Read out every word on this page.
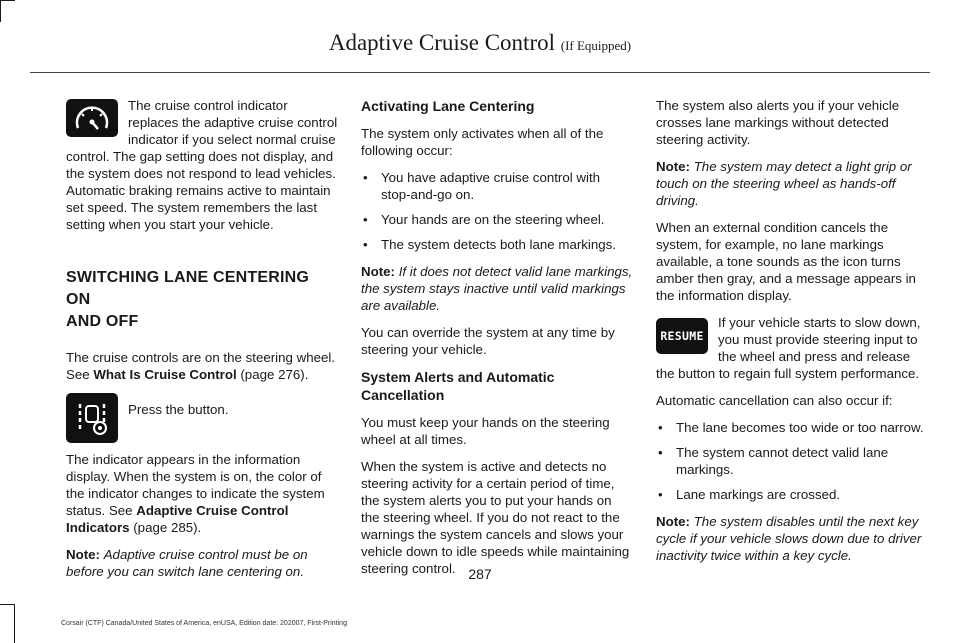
Adaptive Cruise Control (If Equipped)

The cruise control indicator replaces the adaptive cruise control indicator if you select normal cruise control. The gap setting does not display, and the system does not respond to lead vehicles. Automatic braking remains active to maintain set speed. The system remembers the last setting when you start your vehicle.

SWITCHING LANE CENTERING ON
AND OFF

The cruise controls are on the steering wheel. See What Is Cruise Control (page 276).

Press the button.

The indicator appears in the information display. When the system is on, the color of the indicator changes to indicate the system status. See Adaptive Cruise Control Indicators (page 285).

Note: Adaptive cruise control must be on before you can switch lane centering on.

Activating Lane Centering

The system only activates when all of the following occur:

• You have adaptive cruise control with stop-and-go on.
• Your hands are on the steering wheel.
• The system detects both lane markings.

Note: If it does not detect valid lane markings, the system stays inactive until valid markings are available.

You can override the system at any time by steering your vehicle.

System Alerts and Automatic Cancellation

You must keep your hands on the steering wheel at all times.

When the system is active and detects no steering activity for a certain period of time, the system alerts you to put your hands on the steering wheel. If you do not react to the warnings the system cancels and slows your vehicle down to idle speeds while maintaining steering control.

The system also alerts you if your vehicle crosses lane markings without detected steering activity.

Note: The system may detect a light grip or touch on the steering wheel as hands-off driving.

When an external condition cancels the system, for example, no lane markings available, a tone sounds as the icon turns amber then gray, and a message appears in the information display.

RESUME

If your vehicle starts to slow down, you must provide steering input to the wheel and press and release the button to regain full system performance.

Automatic cancellation can also occur if:

• The lane becomes too wide or too narrow.
• The system cannot detect valid lane markings.
• Lane markings are crossed.

Note: The system disables until the next key cycle if your vehicle slows down due to driver inactivity twice within a key cycle.

287
Corsair (CTF) Canada/United States of America, enUSA, Edition date: 202007, First-Printing
